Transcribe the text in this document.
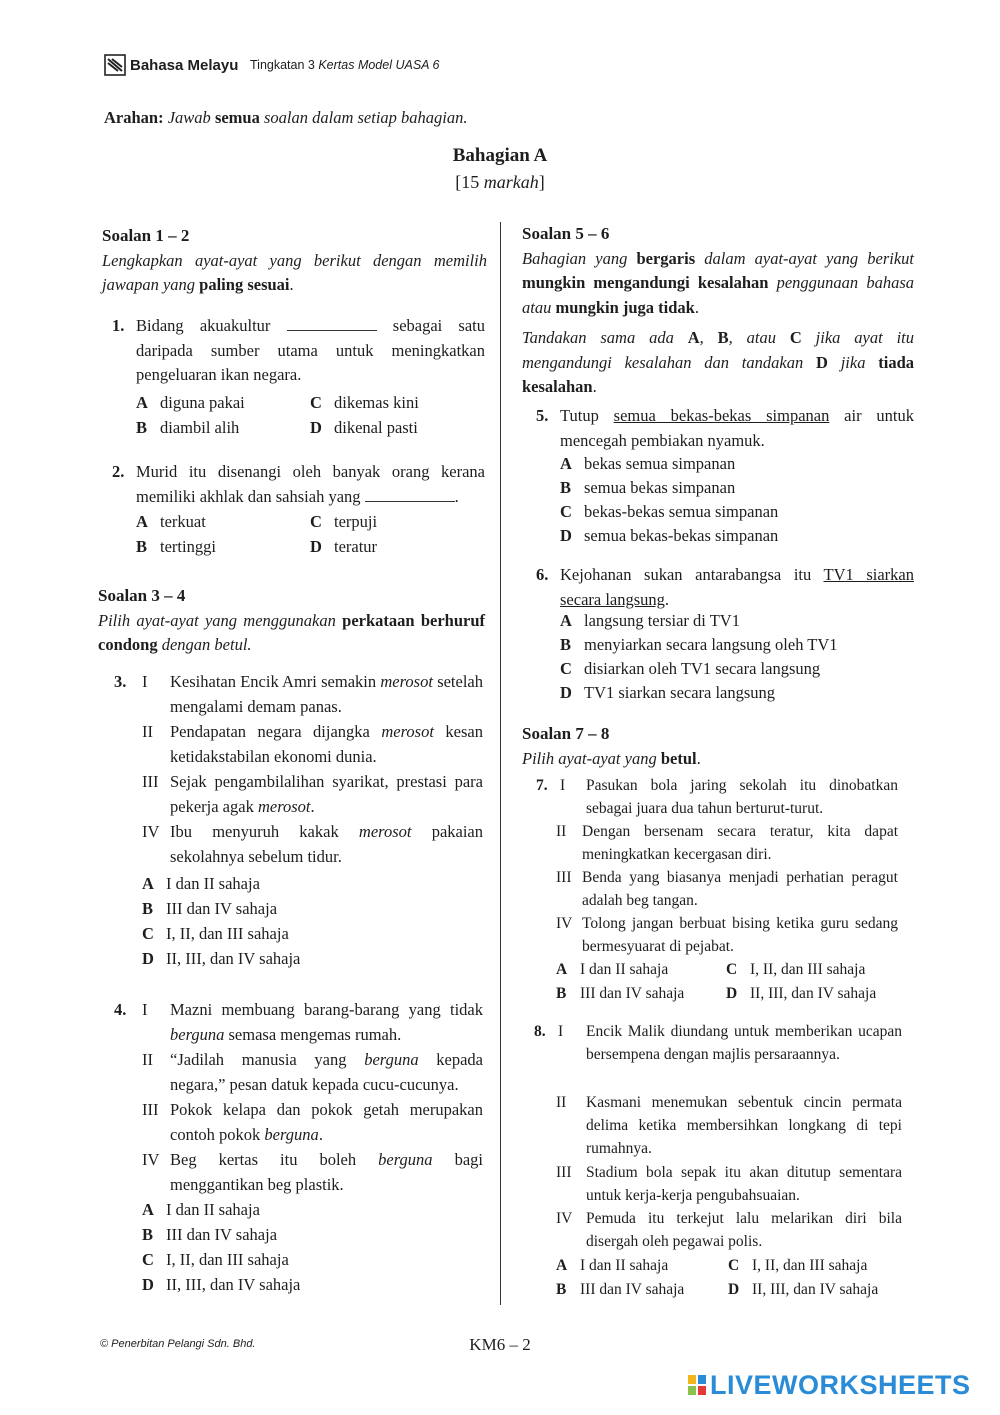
Bahasa Melayu Tingkatan 3 Kertas Model UASA 6
Arahan: Jawab semua soalan dalam setiap bahagian.
Bahagian A
[15 markah]

Soalan 1 – 2

Lengkapkan ayat-ayat yang berikut dengan memilih jawapan yang paling sesuai.

1. Bidang akuakultur	sebagai satu daripada sumber utama untuk meningkatkan pengeluaran ikan negara.

A diguna pakai
B diambil alih
C dikemas kini
D dikenal pasti
2. Murid itu disenangi oleh banyak orang kerana memiliki akhlak dan sahsiah yang	.

A terkuat
B tertinggi
C terpuji
D teratur

Soalan 3 – 4

Pilih ayat-ayat yang menggunakan perkataan berhuruf condong dengan betul.

3. I Kesihatan Encik Amri semakin merosot setelah mengalami demam panas.

II Pendapatan negara dijangka merosot kesan ketidakstabilan ekonomi dunia.

III Sejak pengambilalihan syarikat, prestasi para pekerja agak merosot.

IV Ibu menyuruh kakak merosot pakaian sekolahnya sebelum tidur.

A I dan II sahaja
B III dan IV sahaja
C I, II, dan III sahaja
D II, III, dan IV sahaja
4. I Mazni membuang barang-barang yang tidak berguna semasa mengemas rumah.

II “Jadilah manusia yang berguna kepada negara,” pesan datuk kepada cucu-cucunya.

III Pokok kelapa dan pokok getah merupakan contoh pokok berguna.

IV Beg kertas itu boleh berguna bagi menggantikan beg plastik.

A I dan II sahaja
B III dan IV sahaja
C I, II, dan III sahaja
D II, III, dan IV sahaja

Soalan 5 – 6

Bahagian yang bergaris dalam ayat-ayat yang berikut mungkin mengandungi kesalahan penggunaan bahasa atau mungkin juga tidak.

Tandakan sama ada A, B, atau C jika ayat itu mengandungi kesalahan dan tandakan D jika tiada kesalahan.

5. Tutup semua bekas-bekas simpanan air untuk mencegah pembiakan nyamuk.

A bekas semua simpanan
B semua bekas simpanan
C bekas-bekas semua simpanan
D semua bekas-bekas simpanan
6. Kejohanan sukan antarabangsa itu TV1 siarkan secara langsung.

A langsung tersiar di TV1
B menyiarkan secara langsung oleh TV1
C disiarkan oleh TV1 secara langsung
D TV1 siarkan secara langsung

Soalan 7 – 8

Pilih ayat-ayat yang betul.

7. I Pasukan bola jaring sekolah itu dinobatkan sebagai juara dua tahun berturut-turut.

II Dengan bersenam secara teratur, kita dapat meningkatkan kecergasan diri.

III Benda yang biasanya menjadi perhatian peragut adalah beg tangan.

IV Tolong jangan berbuat bising ketika guru sedang bermesyuarat di pejabat.

A I dan II sahaja
B III dan IV sahaja
C I, II, dan III sahaja
D II, III, dan IV sahaja
8. I Encik Malik diundang untuk memberikan ucapan bersempena dengan majlis persaraannya.

II Kasmani menemukan sebentuk cincin permata delima ketika membersihkan longkang di tepi rumahnya.

III Stadium bola sepak itu akan ditutup sementara untuk kerja-kerja pengubahsuaian.

IV Pemuda itu terkejut lalu melarikan diri bila disergah oleh pegawai polis.

A I dan II sahaja
B III dan IV sahaja
C I, II, dan III sahaja
D II, III, dan IV sahaja
© Penerbitan Pelangi Sdn. Bhd.	KM6 – 2
LIVEWORKSHEETS
